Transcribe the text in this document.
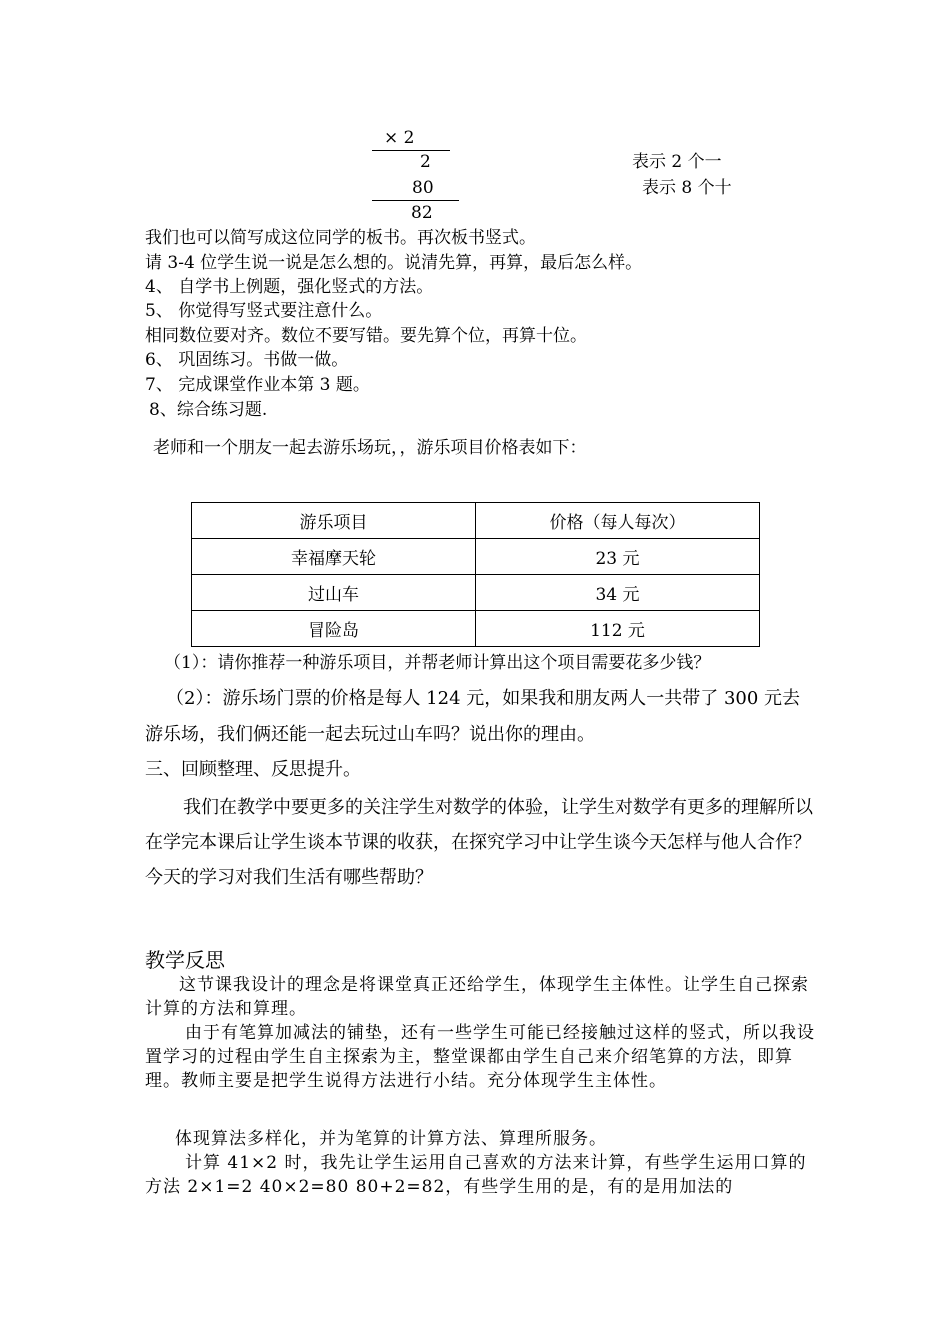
× 2
2	表示 2 个一
80	表示 8 个十
82
我们也可以简写成这位同学的板书。再次板书竖式。
请 3-4 位学生说一说是怎么想的。说清先算，再算，最后怎么样。
4、 自学书上例题，强化竖式的方法。
5、 你觉得写竖式要注意什么。
相同数位要对齐。数位不要写错。要先算个位，再算十位。
6、 巩固练习。书做一做。
7、 完成课堂作业本第 3 题。
8、综合练习题.
老师和一个朋友一起去游乐场玩，，游乐项目价格表如下：
游乐项目	价格（每人每次）
幸福摩天轮	23 元
过山车	34 元
冒险岛	112 元
（1）：请你推荐一种游乐项目，并帮老师计算出这个项目需要花多少钱？
（2）：游乐场门票的价格是每人 124 元，如果我和朋友两人一共带了 300 元去
游乐场，我们俩还能一起去玩过山车吗？说出你的理由。
三、回顾整理、反思提升。
我们在教学中要更多的关注学生对数学的体验，让学生对数学有更多的理解所以在学完本课后让学生谈本节课的收获，在探究学习中让学生谈今天怎样与他人合作？今天的学习对我们生活有哪些帮助？
教学反思
这节课我设计的理念是将课堂真正还给学生，体现学生主体性。让学生自己探索计算的方法和算理。
由于有笔算加减法的铺垫，还有一些学生可能已经接触过这样的竖式，所以我设置学习的过程由学生自主探索为主，整堂课都由学生自己来介绍笔算的方法，即算理。教师主要是把学生说得方法进行小结。充分体现学生主体性。
体现算法多样化，并为笔算的计算方法、算理所服务。
计算 41×2 时，我先让学生运用自己喜欢的方法来计算，有些学生运用口算的方法 2×1=2 40×2=80 80+2=82，有些学生用的是，有的是用加法的
